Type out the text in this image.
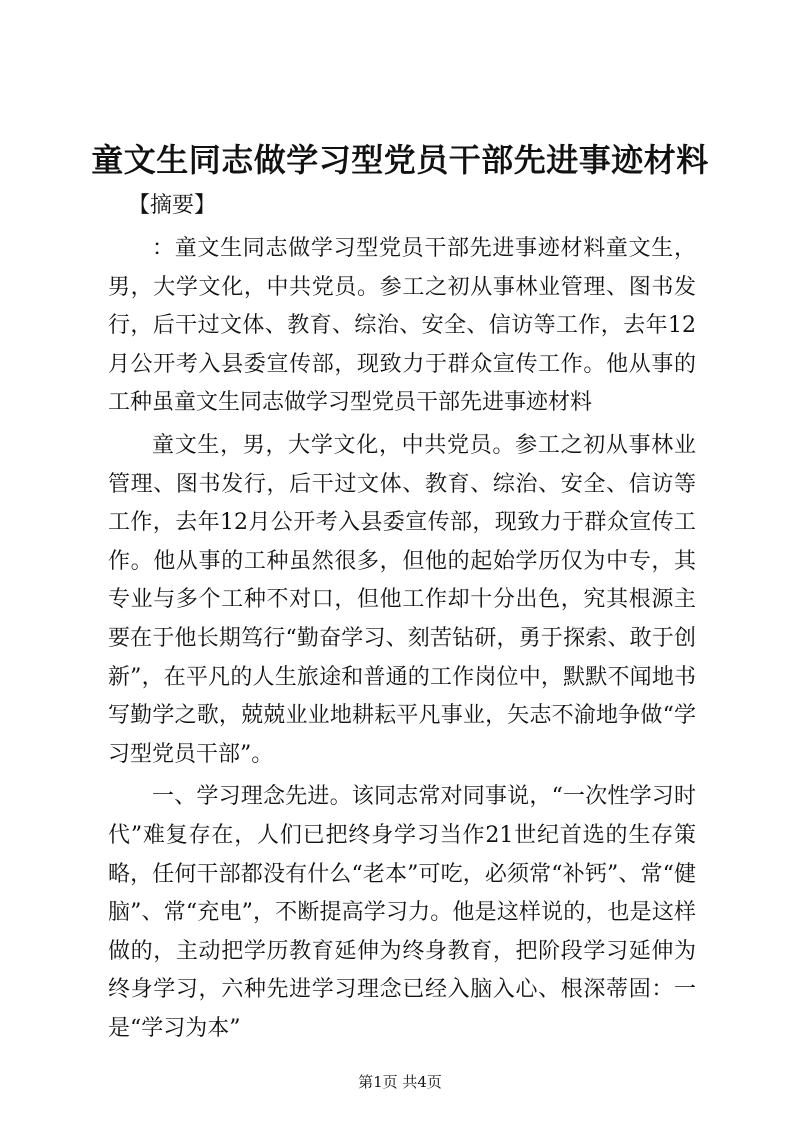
童文生同志做学习型党员干部先进事迹材料
【摘要】

：童文生同志做学习型党员干部先进事迹材料童文生，男，大学文化，中共党员。参工之初从事林业管理、图书发行，后干过文体、教育、综治、安全、信访等工作，去年12月公开考入县委宣传部，现致力于群众宣传工作。他从事的工种虽童文生同志做学习型党员干部先进事迹材料

童文生，男，大学文化，中共党员。参工之初从事林业管理、图书发行，后干过文体、教育、综治、安全、信访等工作，去年12月公开考入县委宣传部，现致力于群众宣传工作。他从事的工种虽然很多，但他的起始学历仅为中专，其专业与多个工种不对口，但他工作却十分出色，究其根源主要在于他长期笃行“勤奋学习、刻苦钻研，勇于探索、敢于创新”，在平凡的人生旅途和普通的工作岗位中，默默不闻地书写勤学之歌，兢兢业业地耕耘平凡事业，矢志不渝地争做“学习型党员干部”。

一、学习理念先进。该同志常对同事说，“一次性学习时代”难复存在，人们已把终身学习当作21世纪首选的生存策略，任何干部都没有什么“老本”可吃，必须常“补钙”、常“健脑”、常“充电”，不断提高学习力。他是这样说的，也是这样做的，主动把学历教育延伸为终身教育，把阶段学习延伸为终身学习，六种先进学习理念已经入脑入心、根深蒂固：一是“学习为本”

第1页 共4页
